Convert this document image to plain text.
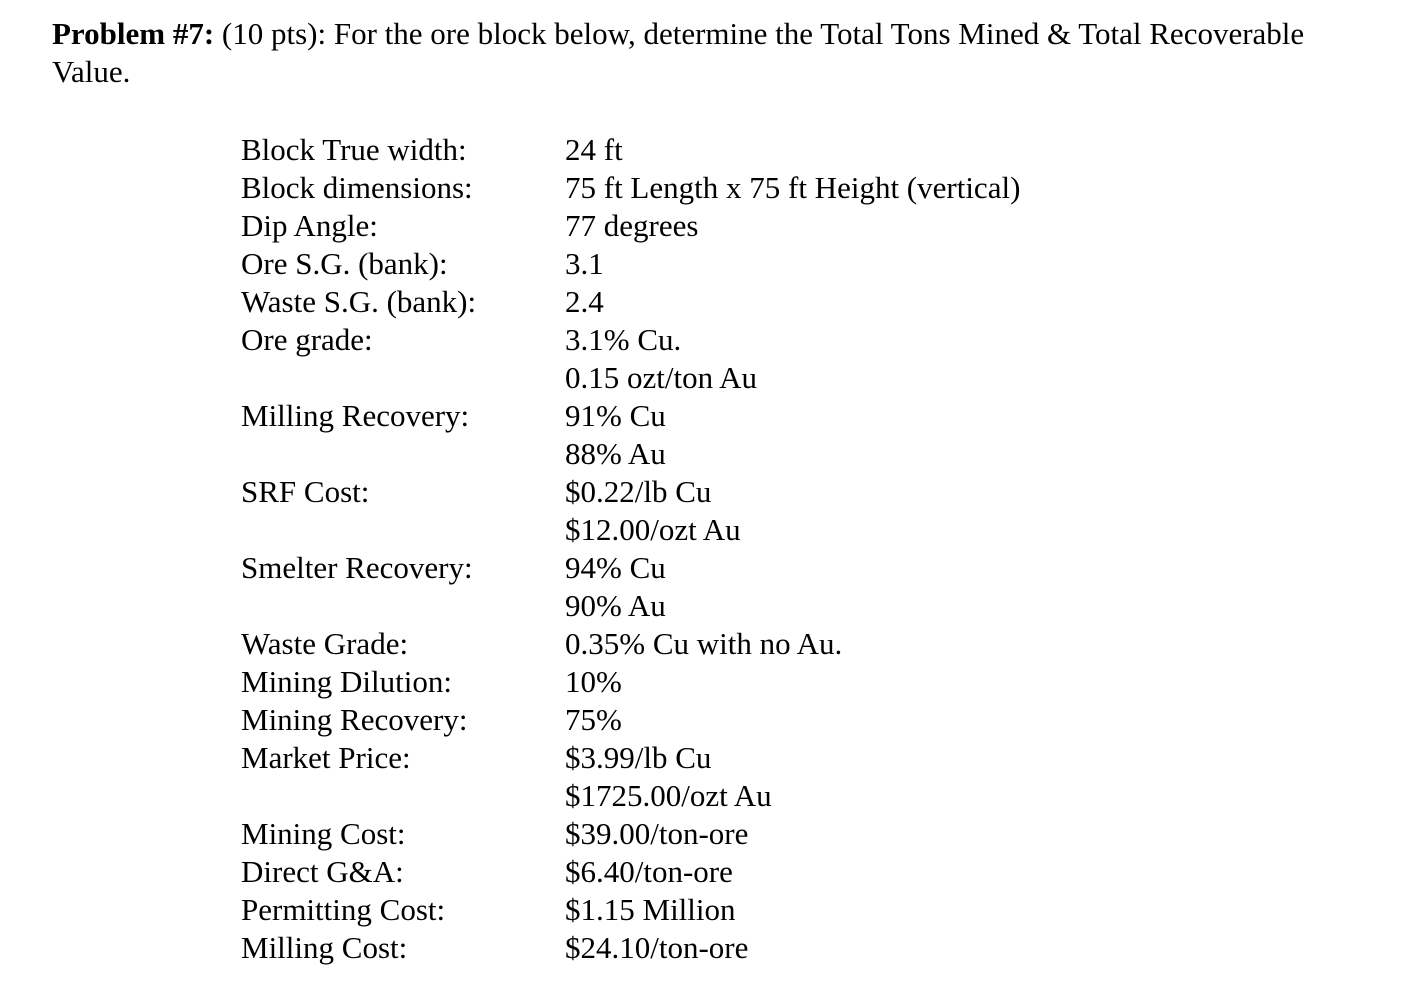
Problem #7: (10 pts): For the ore block below, determine the Total Tons Mined & Total Recoverable Value.

Block True width:	24 ft
Block dimensions:	75 ft Length x 75 ft Height (vertical)
Dip Angle:	77 degrees
Ore S.G. (bank):	3.1
Waste S.G. (bank):	2.4
Ore grade:	3.1% Cu.
0.15 ozt/ton Au
Milling Recovery:	91% Cu
88% Au
SRF Cost:	$0.22/lb Cu
$12.00/ozt Au
Smelter Recovery:	94% Cu
90% Au
Waste Grade:	0.35% Cu with no Au.
Mining Dilution:	10%
Mining Recovery:	75%
Market Price:	$3.99/lb Cu
$1725.00/ozt Au
Mining Cost:	$39.00/ton-ore
Direct G&A:	$6.40/ton-ore
Permitting Cost:	$1.15 Million
Milling Cost:	$24.10/ton-ore
